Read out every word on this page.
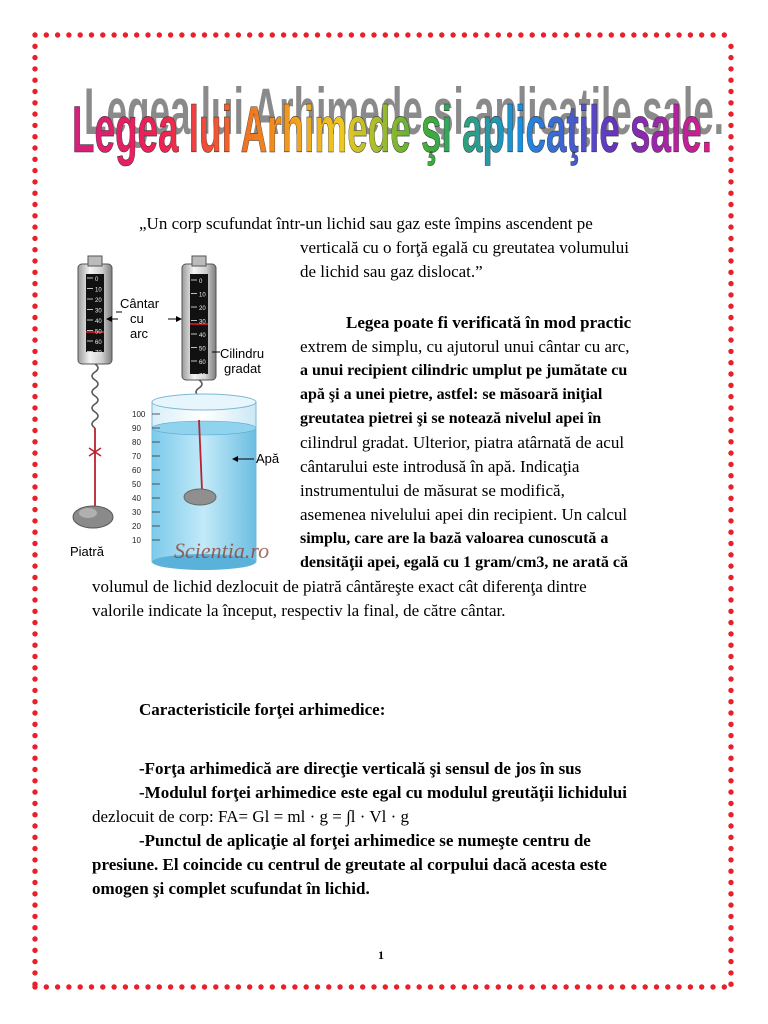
Legea lui Arhimede şi aplicaţile sale.
Legea lui Arhimede şi aplicaţile sale.
„Un corp scufundat într-un lichid sau gaz este împins ascendent pe
verticală cu o forţă egală cu greutatea volumului
de lichid sau gaz dislocat.”
Legea poate fi verificată în mod practic
extrem de simplu, cu ajutorul unui cântar cu arc,
a unui recipient cilindric umplut pe jumătate cu
apă şi a unei pietre, astfel: se măsoară iniţial
greutatea pietrei şi se notează nivelul apei în
cilindrul gradat. Ulterior, piatra atârnată de acul
cântarului este introdusă în apă. Indicaţia
instrumentului de măsurat se modifică,
asemenea nivelului apei din recipient. Un calcul
simplu, care are la bază valoarea cunoscută a
densităţii apei, egală cu 1 gram/cm3, ne arată că
volumul de lichid dezlocuit de piatră cântăreşte exact cât diferenţa dintre
valorile indicate la început, respectiv la final, de către cântar.
0
10
20
30
40
50
60
70
Cântar
cu
arc
0
10
20
30
40
50
60
70
Cilindru
gradat
100
90
80
70
60
50
40
30
20
10
Apă
Piatră	Scientia.ro
Caracteristicile forţei arhimedice:
-Forţa arhimedică are direcţie verticală şi sensul de jos în sus
-Modulul forţei arhimedice este egal cu modulul greutăţii lichidului
dezlocuit de corp: FA= Gl = ml · g = ∫l · Vl · g
-Punctul de aplicaţie al forţei arhimedice se numeşte centru de
presiune. El coincide cu centrul de greutate al corpului dacă acesta este
omogen şi complet scufundat în lichid.
1
